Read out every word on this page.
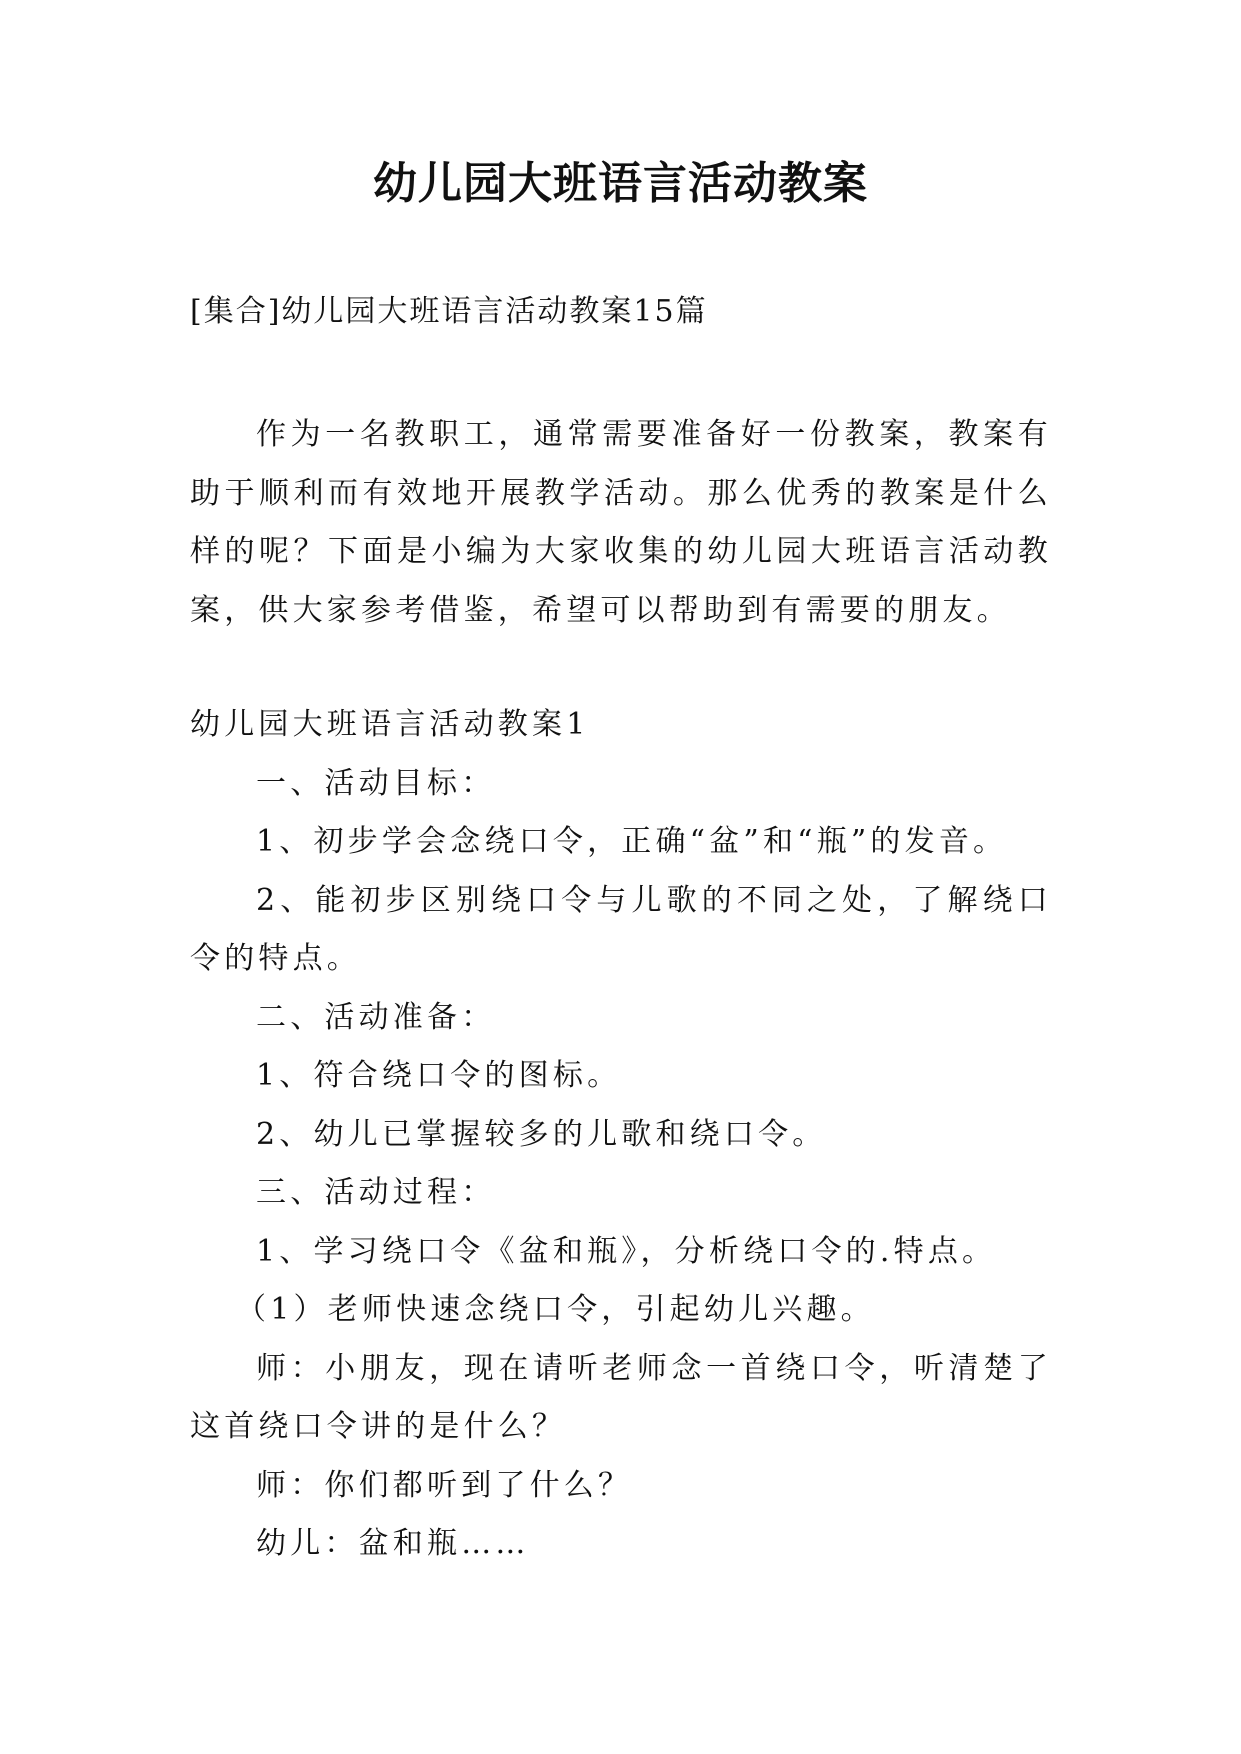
幼儿园大班语言活动教案

[集合]幼儿园大班语言活动教案15篇

作为一名教职工，通常需要准备好一份教案，教案有助于顺利而有效地开展教学活动。那么优秀的教案是什么样的呢？下面是小编为大家收集的幼儿园大班语言活动教案，供大家参考借鉴，希望可以帮助到有需要的朋友。

幼儿园大班语言活动教案1

一、活动目标：

1、初步学会念绕口令，正确“盆”和“瓶”的发音。

2、能初步区别绕口令与儿歌的不同之处，了解绕口令的特点。

二、活动准备：

1、符合绕口令的图标。

2、幼儿已掌握较多的儿歌和绕口令。

三、活动过程：

1、学习绕口令《盆和瓶》，分析绕口令的.特点。

（1）老师快速念绕口令，引起幼儿兴趣。

师：小朋友，现在请听老师念一首绕口令，听清楚了这首绕口令讲的是什么？

师：你们都听到了什么？

幼儿：盆和瓶……
